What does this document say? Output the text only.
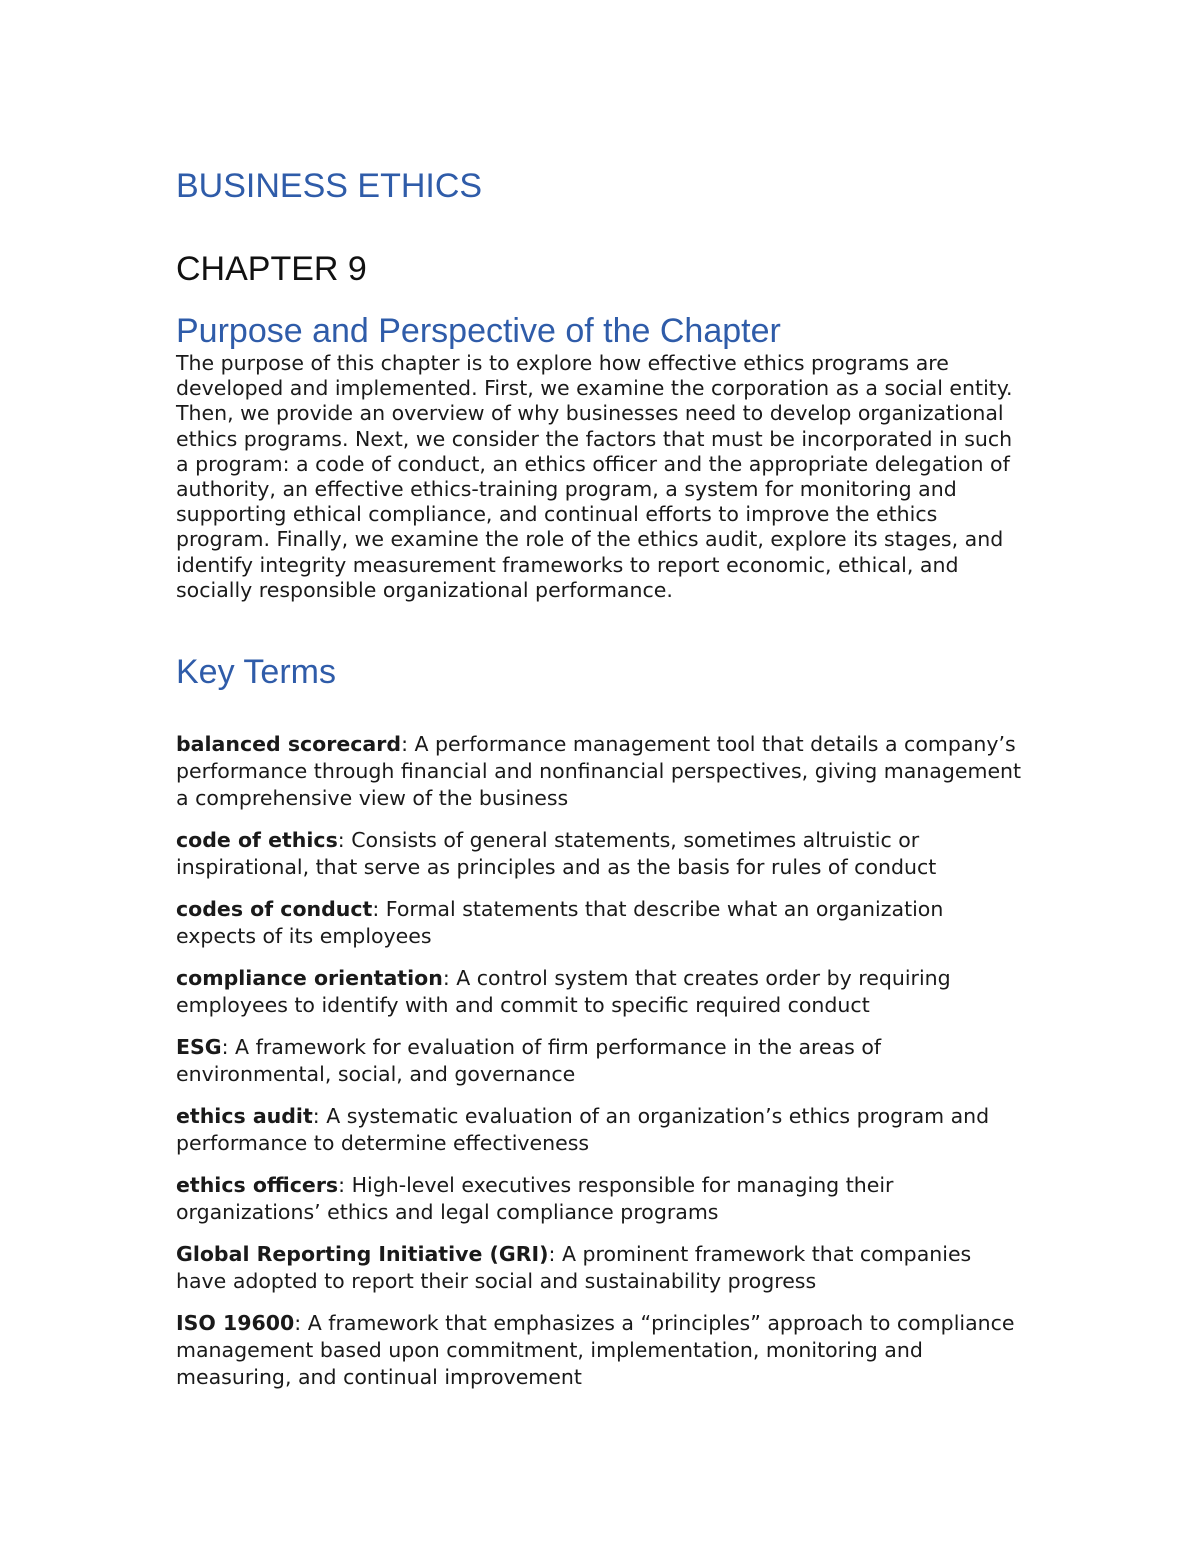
BUSINESS ETHICS
CHAPTER 9
Purpose and Perspective of the Chapter

The purpose of this chapter is to explore how effective ethics programs are developed and implemented. First, we examine the corporation as a social entity. Then, we provide an overview of why businesses need to develop organizational ethics programs. Next, we consider the factors that must be incorporated in such a program: a code of conduct, an ethics officer and the appropriate delegation of authority, an effective ethics-training program, a system for monitoring and supporting ethical compliance, and continual efforts to improve the ethics program. Finally, we examine the role of the ethics audit, explore its stages, and identify integrity measurement frameworks to report economic, ethical, and socially responsible organizational performance.

Key Terms
balanced scorecard: A performance management tool that details a company’s performance through financial and nonfinancial perspectives, giving management a comprehensive view of the business
code of ethics: Consists of general statements, sometimes altruistic or inspirational, that serve as principles and as the basis for rules of conduct
codes of conduct: Formal statements that describe what an organization expects of its employees
compliance orientation: A control system that creates order by requiring employees to identify with and commit to specific required conduct
ESG: A framework for evaluation of firm performance in the areas of environmental, social, and governance
ethics audit: A systematic evaluation of an organization’s ethics program and performance to determine effectiveness
ethics officers: High-level executives responsible for managing their organizations’ ethics and legal compliance programs
Global Reporting Initiative (GRI): A prominent framework that companies have adopted to report their social and sustainability progress
ISO 19600: A framework that emphasizes a “principles” approach to compliance management based upon commitment, implementation, monitoring and measuring, and continual improvement
